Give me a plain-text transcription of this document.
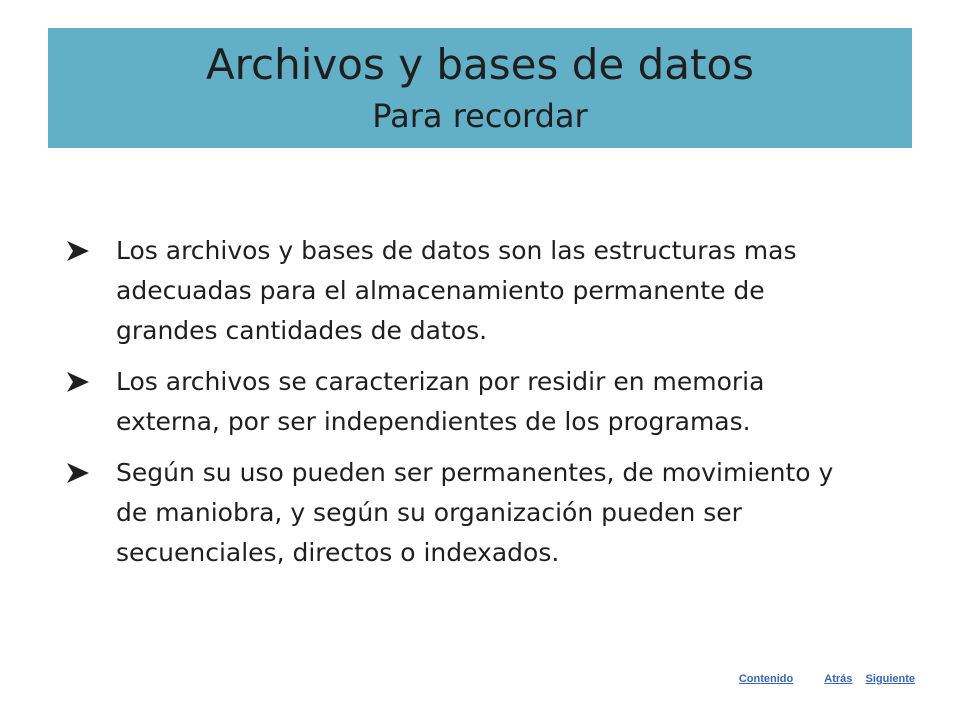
Archivos y bases de datos
Para recordar
Los archivos y bases de datos son las estructuras mas adecuadas para el almacenamiento permanente de grandes cantidades de datos.
Los archivos se caracterizan por residir en memoria externa, por ser independientes de los programas.
Según su uso pueden ser permanentes, de movimiento y de maniobra, y según su organización pueden ser secuenciales, directos o indexados.
Contenido	Atrás Siguiente
